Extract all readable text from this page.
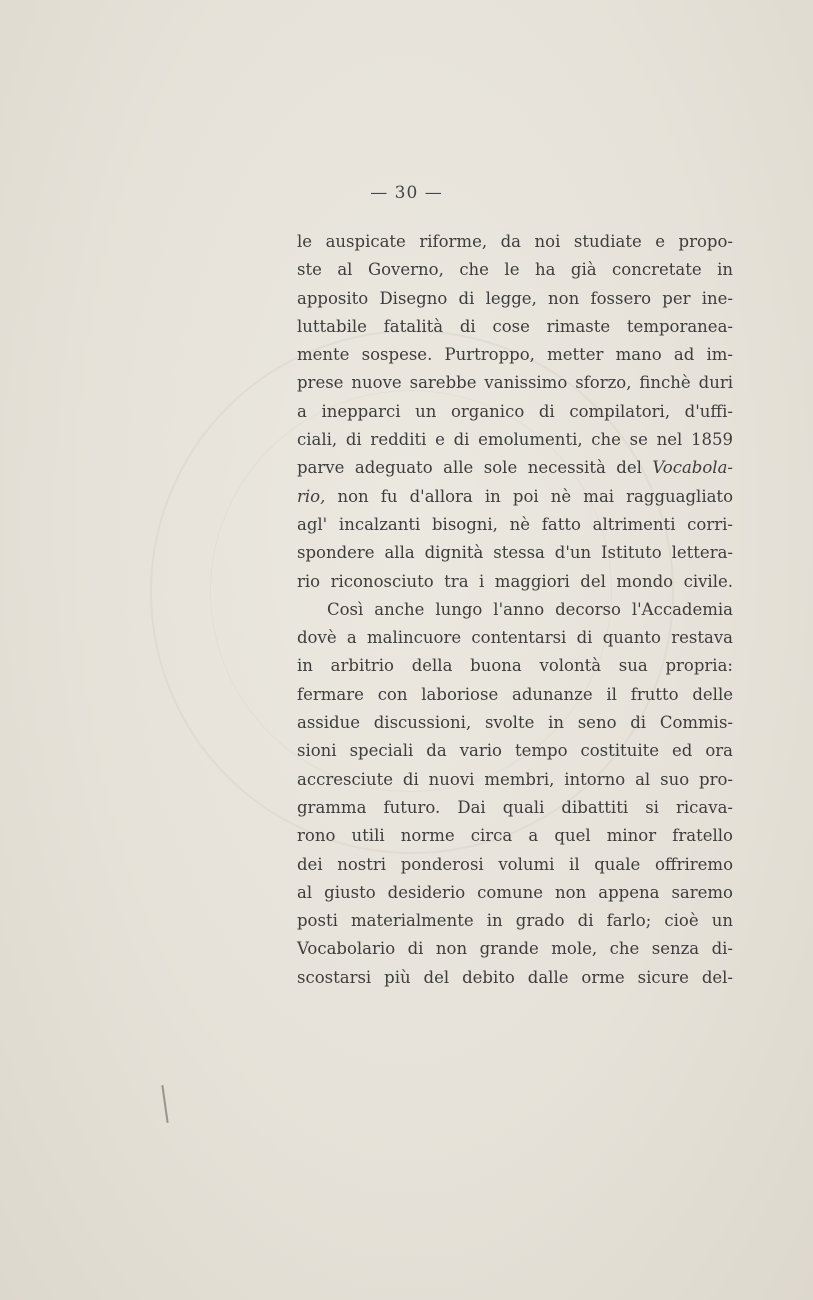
— 30 —
le auspicate riforme, da noi studiate e propo-
ste al Governo, che le ha già concretate in
apposito Disegno di legge, non fossero per ine-
luttabile fatalità di cose rimaste temporanea-
mente sospese. Purtroppo, metter mano ad im-
prese nuove sarebbe vanissimo sforzo, finchè duri
a inepparci un organico di compilatori, d'uffi-
ciali, di redditi e di emolumenti, che se nel 1859
parve adeguato alle sole necessità del Vocabola-
rio, non fu d'allora in poi nè mai ragguagliato
agl' incalzanti bisogni, nè fatto altrimenti corri-
spondere alla dignità stessa d'un Istituto lettera-
rio riconosciuto tra i maggiori del mondo civile.
Così anche lungo l'anno decorso l'Accademia
dovè a malincuore contentarsi di quanto restava
in arbitrio della buona volontà sua propria:
fermare con laboriose adunanze il frutto delle
assidue discussioni, svolte in seno di Commis-
sioni speciali da vario tempo costituite ed ora
accresciute di nuovi membri, intorno al suo pro-
gramma futuro. Dai quali dibattiti si ricava-
rono utili norme circa a quel minor fratello
dei nostri ponderosi volumi il quale offriremo
al giusto desiderio comune non appena saremo
posti materialmente in grado di farlo; cioè un
Vocabolario di non grande mole, che senza di-
scostarsi più del debito dalle orme sicure del-
